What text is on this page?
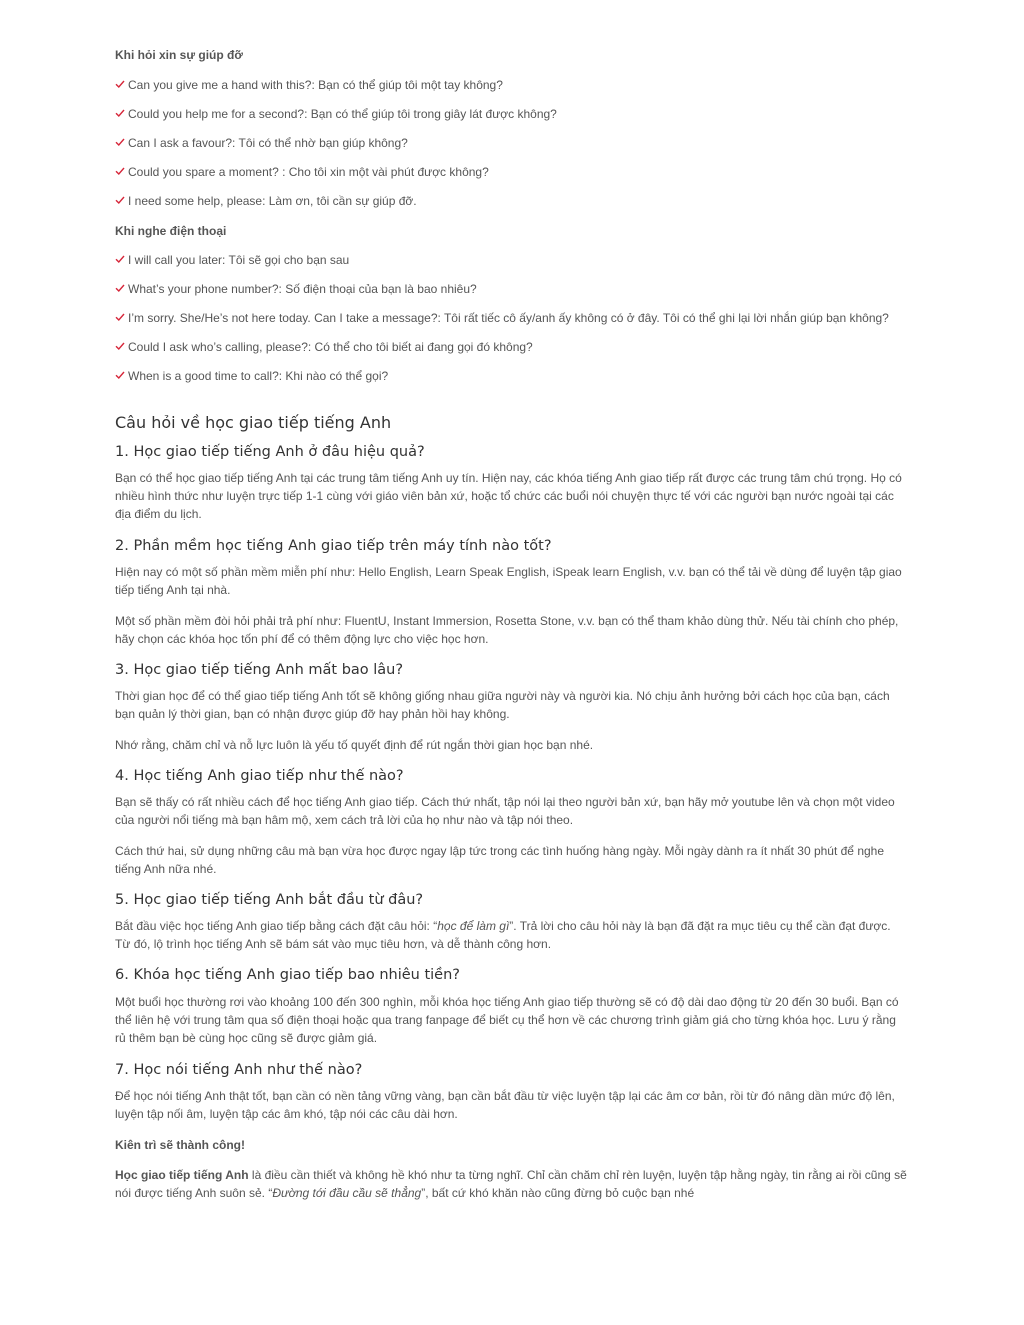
Khi hỏi xin sự giúp đỡ

Can you give me a hand with this?: Bạn có thể giúp tôi một tay không?
Could you help me for a second?: Bạn có thể giúp tôi trong giây lát được không?
Can I ask a favour?: Tôi có thể nhờ bạn giúp không?
Could you spare a moment? : Cho tôi xin một vài phút được không?
I need some help, please: Làm ơn, tôi cần sự giúp đỡ.

Khi nghe điện thoại

I will call you later: Tôi sẽ gọi cho bạn sau
What’s your phone number?: Số điện thoại của bạn là bao nhiêu?
I’m sorry. She/He’s not here today. Can I take a message?: Tôi rất tiếc cô ấy/anh ấy không có ở đây. Tôi có thể ghi lại lời nhắn giúp bạn không?
Could I ask who’s calling, please?: Có thể cho tôi biết ai đang gọi đó không?
When is a good time to call?: Khi nào có thể gọi?
Câu hỏi về học giao tiếp tiếng Anh
1. Học giao tiếp tiếng Anh ở đâu hiệu quả?

Bạn có thể học giao tiếp tiếng Anh tại các trung tâm tiếng Anh uy tín. Hiện nay, các khóa tiếng Anh giao tiếp rất được các trung tâm chú trọng. Họ có nhiều hình thức như luyện trực tiếp 1-1 cùng với giáo viên bản xứ, hoặc tổ chức các buổi nói chuyện thực tế với các người bạn nước ngoài tại các địa điểm du lịch.

2. Phần mềm học tiếng Anh giao tiếp trên máy tính nào tốt?

Hiện nay có một số phần mềm miễn phí như: Hello English, Learn Speak English, iSpeak learn English, v.v. bạn có thể tải về dùng để luyện tập giao tiếp tiếng Anh tại nhà.

Một số phần mềm đòi hỏi phải trả phí như: FluentU, Instant Immersion, Rosetta Stone, v.v. bạn có thể tham khảo dùng thử. Nếu tài chính cho phép, hãy chọn các khóa học tốn phí để có thêm động lực cho việc học hơn.

3. Học giao tiếp tiếng Anh mất bao lâu?

Thời gian học để có thể giao tiếp tiếng Anh tốt sẽ không giống nhau giữa người này và người kia. Nó chịu ảnh hưởng bởi cách học của bạn, cách bạn quản lý thời gian, bạn có nhận được giúp đỡ hay phản hồi hay không.

Nhớ rằng, chăm chỉ và nỗ lực luôn là yếu tố quyết định để rút ngắn thời gian học bạn nhé.

4. Học tiếng Anh giao tiếp như thế nào?

Bạn sẽ thấy có rất nhiều cách để học tiếng Anh giao tiếp. Cách thứ nhất, tập nói lại theo người bản xứ, bạn hãy mở youtube lên và chọn một video của người nổi tiếng mà bạn hâm mộ, xem cách trả lời của họ như nào và tập nói theo.

Cách thứ hai, sử dụng những câu mà bạn vừa học được ngay lập tức trong các tình huống hàng ngày. Mỗi ngày dành ra ít nhất 30 phút để nghe tiếng Anh nữa nhé.

5. Học giao tiếp tiếng Anh bắt đầu từ đâu?

Bắt đầu việc học tiếng Anh giao tiếp bằng cách đặt câu hỏi: “học để làm gì”. Trả lời cho câu hỏi này là bạn đã đặt ra mục tiêu cụ thể cần đạt được. Từ đó, lộ trình học tiếng Anh sẽ bám sát vào mục tiêu hơn, và dễ thành công hơn.

6. Khóa học tiếng Anh giao tiếp bao nhiêu tiền?

Một buổi học thường rơi vào khoảng 100 đến 300 nghìn, mỗi khóa học tiếng Anh giao tiếp thường sẽ có độ dài dao động từ 20 đến 30 buổi. Bạn có thể liên hệ với trung tâm qua số điện thoại hoặc qua trang fanpage để biết cụ thể hơn về các chương trình giảm giá cho từng khóa học. Lưu ý rằng rủ thêm bạn bè cùng học cũng sẽ được giảm giá.

7. Học nói tiếng Anh như thế nào?

Để học nói tiếng Anh thật tốt, bạn cần có nền tảng vững vàng, bạn cần bắt đầu từ việc luyện tập lại các âm cơ bản, rồi từ đó nâng dần mức độ lên, luyện tập nối âm, luyện tập các âm khó, tập nói các câu dài hơn.

Kiên trì sẽ thành công!

Học giao tiếp tiếng Anh là điều cần thiết và không hề khó như ta từng nghĩ. Chỉ cần chăm chỉ rèn luyện, luyện tập hằng ngày, tin rằng ai rồi cũng sẽ nói được tiếng Anh suôn sẻ. “Đường tới đầu cầu sẽ thẳng”, bất cứ khó khăn nào cũng đừng bỏ cuộc bạn nhé
